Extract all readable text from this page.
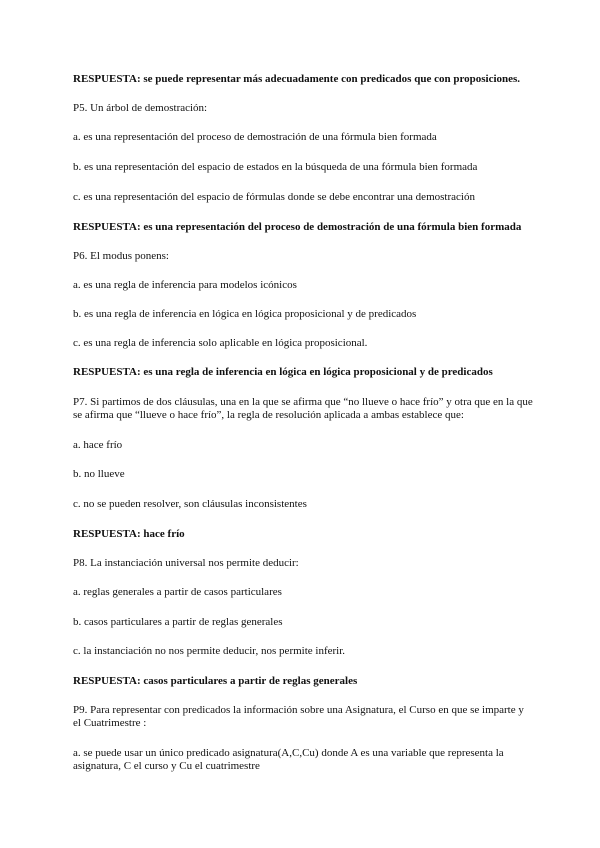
RESPUESTA: se puede representar más adecuadamente con predicados que con proposiciones.
P5. Un árbol de demostración:
a. es una representación del proceso de demostración de una fórmula bien formada
b. es una representación del espacio de estados en la búsqueda de una fórmula bien formada
c. es una representación del espacio de fórmulas donde se debe encontrar una demostración
RESPUESTA: es una representación del proceso de demostración de una fórmula bien formada
P6. El modus ponens:
a. es una regla de inferencia para modelos icónicos
b. es una regla de inferencia en lógica en lógica proposicional y de predicados
c. es una regla de inferencia solo aplicable en lógica proposicional.
RESPUESTA: es una regla de inferencia en lógica en lógica proposicional y de predicados
P7. Si partimos de dos cláusulas, una en la que se afirma que “no llueve o hace frío” y otra que en la que se afirma que “llueve o hace frío”, la regla de resolución aplicada a ambas establece que:
a. hace frío
b. no llueve
c. no se pueden resolver, son cláusulas inconsistentes
RESPUESTA: hace frío
P8. La instanciación universal nos permite deducir:
a. reglas generales a partir de casos particulares
b. casos particulares a partir de reglas generales
c. la instanciación no nos permite deducir, nos permite inferir.
RESPUESTA: casos particulares a partir de reglas generales
P9. Para representar con predicados la información sobre una Asignatura, el Curso en que se imparte y el Cuatrimestre :
a. se puede usar un único predicado asignatura(A,C,Cu) donde A es una variable que representa la asignatura, C el curso y Cu el cuatrimestre
